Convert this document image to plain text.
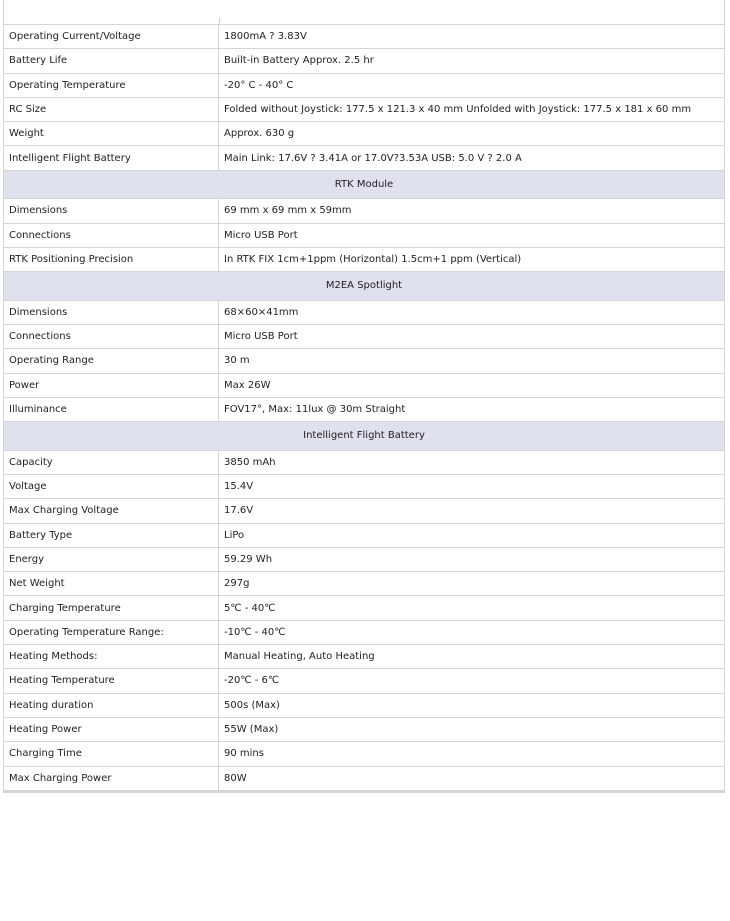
Operating Current/Voltage	1800mA ? 3.83V
Battery Life	Built-in Battery Approx. 2.5 hr
Operating Temperature	-20° C - 40° C
RC Size	Folded without Joystick: 177.5 x 121.3 x 40 mm Unfolded with Joystick: 177.5 x 181 x 60 mm
Weight	Approx. 630 g
Intelligent Flight Battery	Main Link: 17.6V ? 3.41A or 17.0V?3.53A USB: 5.0 V ? 2.0 A
RTK Module
Dimensions	69 mm x 69 mm x 59mm
Connections	Micro USB Port
RTK Positioning Precision	In RTK FIX 1cm+1ppm (Horizontal) 1.5cm+1 ppm (Vertical)
M2EA Spotlight
Dimensions	68×60×41mm
Connections	Micro USB Port
Operating Range	30 m
Power	Max 26W
Illuminance	FOV17°, Max: 11lux @ 30m Straight
Intelligent Flight Battery
Capacity	3850 mAh
Voltage	15.4V
Max Charging Voltage	17.6V
Battery Type	LiPo
Energy	59.29 Wh
Net Weight	297g
Charging Temperature	5℃ - 40℃
Operating Temperature Range:	-10℃ - 40℃
Heating Methods:	Manual Heating, Auto Heating
Heating Temperature	-20℃ - 6℃
Heating duration	500s (Max)
Heating Power	55W (Max)
Charging Time	90 mins
Max Charging Power	80W
